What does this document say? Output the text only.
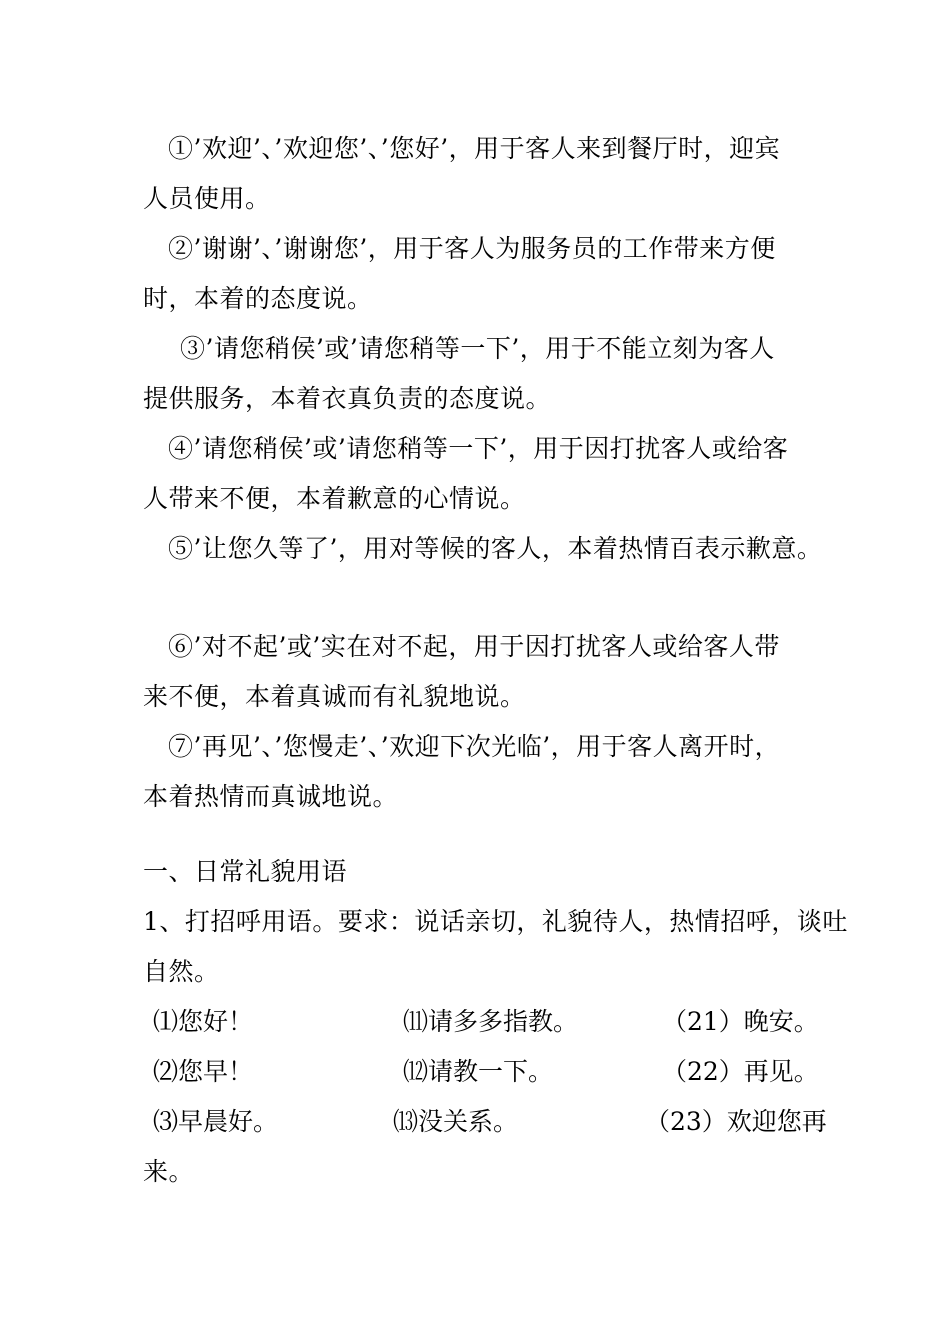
①’欢迎’、’欢迎您’、’您好’，用于客人来到餐厅时，迎宾
人员使用。
②’谢谢’、’谢谢您’，用于客人为服务员的工作带来方便
时，本着的态度说。
③’请您稍侯’或’请您稍等一下’，用于不能立刻为客人
提供服务，本着衣真负责的态度说。
④’请您稍侯’或’请您稍等一下’，用于因打扰客人或给客
人带来不便，本着歉意的心情说。
⑤’让您久等了’，用对等候的客人，本着热情百表示歉意。
⑥’对不起’或’实在对不起，用于因打扰客人或给客人带
来不便，本着真诚而有礼貌地说。
⑦’再见’、’您慢走’、’欢迎下次光临’，用于客人离开时，
本着热情而真诚地说。
一、日常礼貌用语
1、打招呼用语。要求：说话亲切，礼貌待人，热情招呼，谈吐
自然。
⑴您好！	⑾请多多指教。	（21）晚安。
⑵您早！	⑿请教一下。	（22）再见。
⑶早晨好。	⒀没关系。	（23）欢迎您再
来。
